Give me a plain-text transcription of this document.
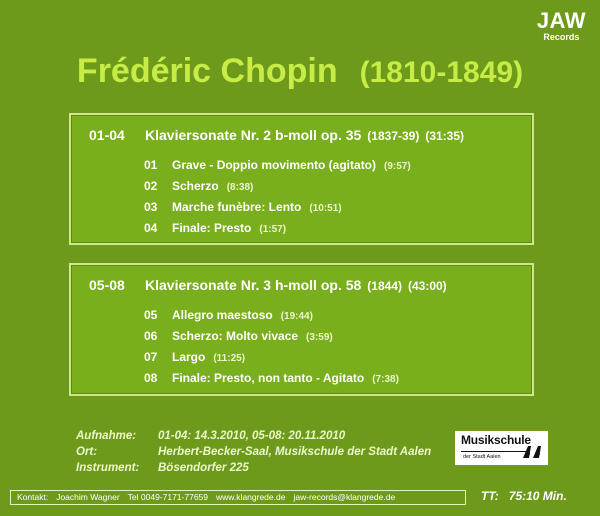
JAW
Records
Frédéric Chopin (1810-1849)
01-04 Klaviersonate Nr. 2 b-moll op. 35 (1837-39) (31:35)
01 Grave - Doppio movimento (agitato) (9:57)
02 Scherzo (8:38)
03 Marche funèbre: Lento (10:51)
04 Finale: Presto (1:57)
05-08 Klaviersonate Nr. 3 h-moll op. 58 (1844) (43:00)
05 Allegro maestoso (19:44)
06 Scherzo: Molto vivace (3:59)
07 Largo (11:25)
08 Finale: Presto, non tanto - Agitato (7:38)
Aufnahme: 01-04: 14.3.2010, 05-08: 20.11.2010
Ort:	Herbert-Becker-Saal, Musikschule der Stadt Aalen
Instrument: Bösendorfer 225
Musikschule
der Stadt Aalen
Kontakt: Joachim Wagner Tel 0049-7171-77659 www.klangrede.de jaw-records@klangrede.de	TT: 75:10 Min.
